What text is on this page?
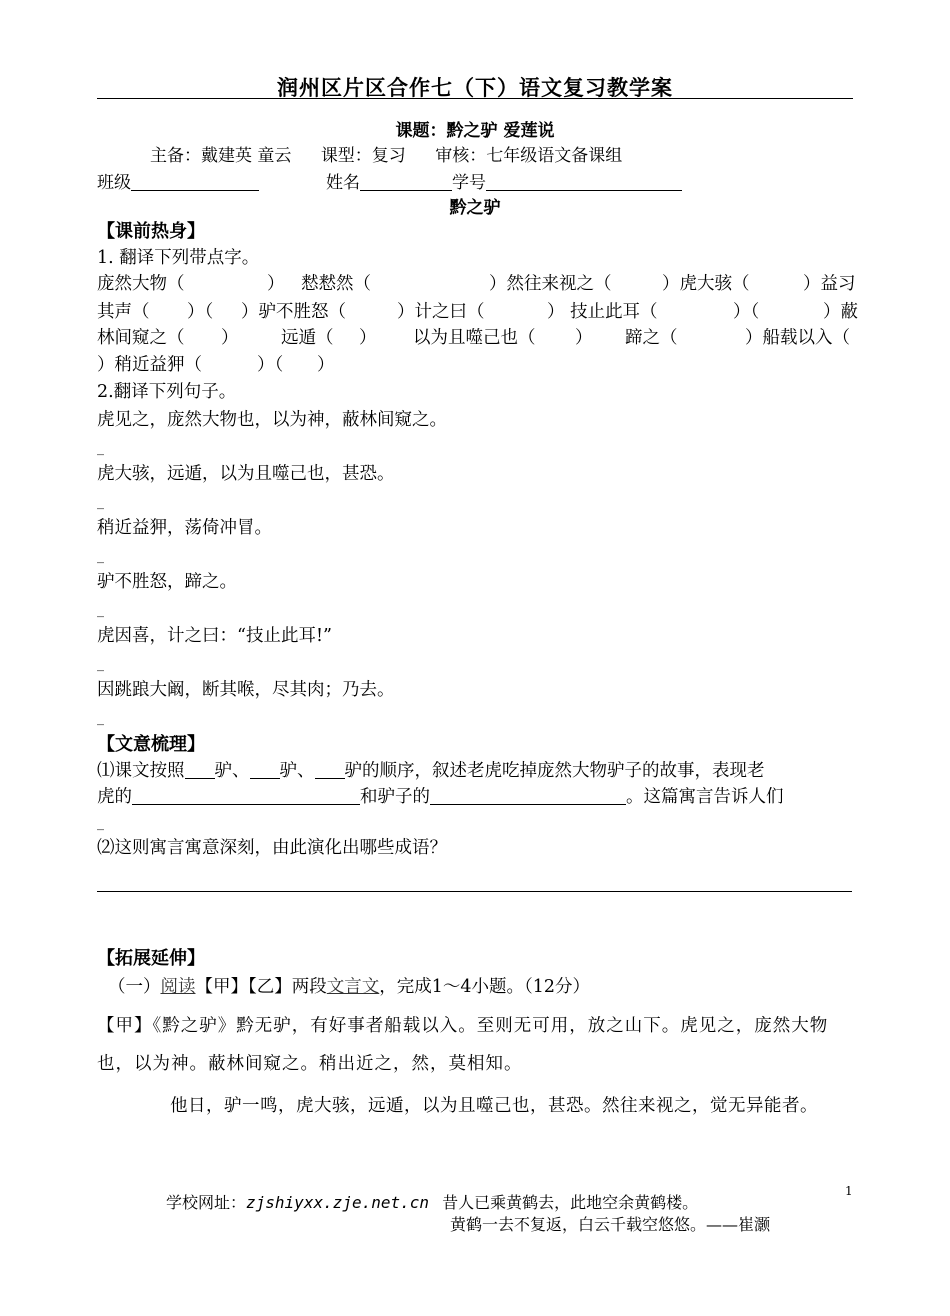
润州区片区合作七（下）语文复习教学案
课题：黔之驴 爱莲说
主备：戴建英 童云 课型：复习 审核：七年级语文备课组
班级	姓名	学号
黔之驴
【课前热身】
1. 翻译下列带点字。
庞然大物（	） 慭慭然（	）然往来视之（	）虎大骇（	）益习
其声（ ）（ ）驴不胜怒（	）计之曰（	） 技止此耳（	）（	）蔽
林间窥之（ ） 远遁（ ） 以为且噬己也（ ） 蹄之（	）船载以入（
）稍近益狎（	）（ ）
2.翻译下列句子。
虎见之，庞然大物也，以为神，蔽林间窥之。
_
虎大骇，远遁，以为且噬己也，甚恐。
_
稍近益狎，荡倚冲冒。
_
驴不胜怒，蹄之。
_
虎因喜，计之曰：“技止此耳!”
_
因跳踉大阚，断其喉，尽其肉；乃去。
_
【文意梳理】
⑴课文按照 驴、 驴、 驴的顺序，叙述老虎吃掉庞然大物驴子的故事，表现老
虎的	和驴子的	。这篇寓言告诉人们
_
⑵这则寓言寓意深刻，由此演化出哪些成语？
【拓展延伸】
（一）阅读【甲】【乙】两段文言文，完成1～4小题。（12分）
【甲】《黔之驴》黔无驴，有好事者船载以入。至则无可用，放之山下。虎见之，庞然大物
也，以为神。蔽林间窥之。稍出近之，然，莫相知。
他日，驴一鸣，虎大骇，远遁，以为且噬己也，甚恐。然往来视之，觉无异能者。
学校网址：zjshiyxx.zje.net.cn 昔人已乘黄鹤去，此地空余黄鹤楼。
1
黄鹤一去不复返，白云千载空悠悠。——崔灏
